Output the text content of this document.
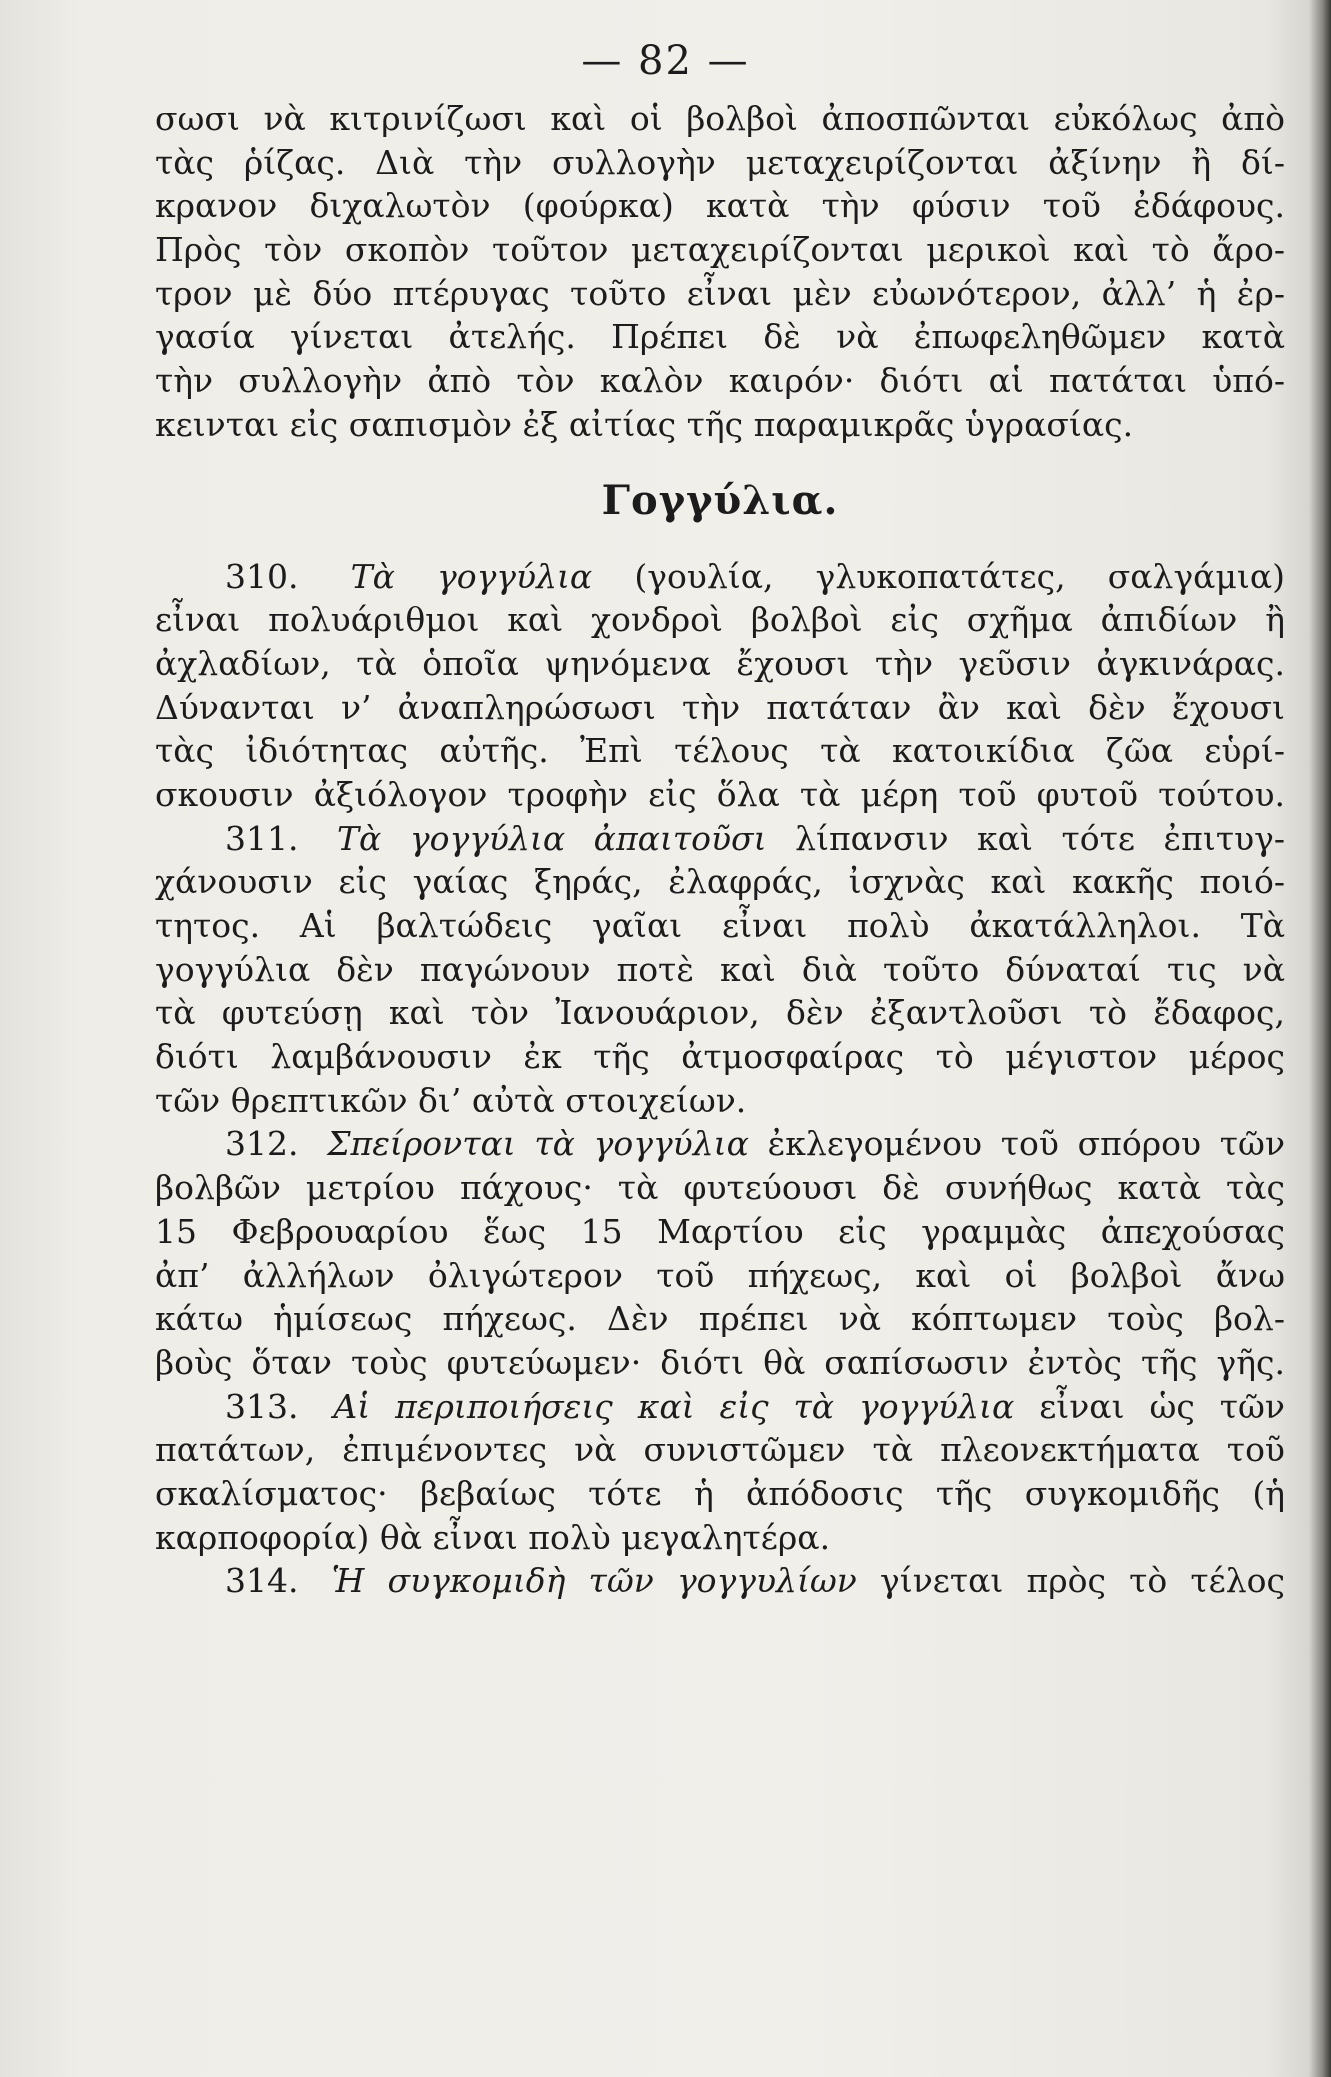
— 82 —
σωσι νὰ κιτρινίζωσι καὶ οἱ βολβοὶ ἀποσπῶνται εὐκόλως ἀπὸ
τὰς ῥίζας. Διὰ τὴν συλλογὴν μεταχειρίζονται ἀξίνην ἢ δί-
κρανον διχαλωτὸν (φούρκα) κατὰ τὴν φύσιν τοῦ ἐδάφους.
Πρὸς τὸν σκοπὸν τοῦτον μεταχειρίζονται μερικοὶ καὶ τὸ ἄρο-
τρον μὲ δύο πτέρυγας τοῦτο εἶναι μὲν εὐωνότερον, ἀλλ’ ἡ ἐρ-
γασία γίνεται ἀτελής. Πρέπει δὲ νὰ ἐπωφεληθῶμεν κατὰ
τὴν συλλογὴν ἀπὸ τὸν καλὸν καιρόν· διότι αἱ πατάται ὑπό-
κεινται εἰς σαπισμὸν ἐξ αἰτίας τῆς παραμικρᾶς ὑγρασίας.
Γογγύλια.
310. Τὰ γογγύλια (γουλία, γλυκοπατάτες, σαλγάμια)
εἶναι πολυάριθμοι καὶ χονδροὶ βολβοὶ εἰς σχῆμα ἀπιδίων ἢ
ἀχλαδίων, τὰ ὁποῖα ψηνόμενα ἔχουσι τὴν γεῦσιν ἀγκινάρας.
Δύνανται ν’ ἀναπληρώσωσι τὴν πατάταν ἂν καὶ δὲν ἔχουσι
τὰς ἰδιότητας αὐτῆς. Ἐπὶ τέλους τὰ κατοικίδια ζῶα εὑρί-
σκουσιν ἀξιόλογον τροφὴν εἰς ὅλα τὰ μέρη τοῦ φυτοῦ τούτου.
311. Τὰ γογγύλια ἀπαιτοῦσι λίπανσιν καὶ τότε ἐπιτυγ-
χάνουσιν εἰς γαίας ξηράς, ἐλαφράς, ἰσχνὰς καὶ κακῆς ποιό-
τητος. Αἱ βαλτώδεις γαῖαι εἶναι πολὺ ἀκατάλληλοι. Τὰ
γογγύλια δὲν παγώνουν ποτὲ καὶ διὰ τοῦτο δύναταί τις νὰ
τὰ φυτεύσῃ καὶ τὸν Ἰανουάριον, δὲν ἐξαντλοῦσι τὸ ἔδαφος,
διότι λαμβάνουσιν ἐκ τῆς ἀτμοσφαίρας τὸ μέγιστον μέρος
τῶν θρεπτικῶν δι’ αὐτὰ στοιχείων.
312. Σπείρονται τὰ γογγύλια ἐκλεγομένου τοῦ σπόρου τῶν
βολβῶν μετρίου πάχους· τὰ φυτεύουσι δὲ συνήθως κατὰ τὰς
15 Φεβρουαρίου ἕως 15 Μαρτίου εἰς γραμμὰς ἀπεχούσας
ἀπ’ ἀλλήλων ὀλιγώτερον τοῦ πήχεως, καὶ οἱ βολβοὶ ἄνω
κάτω ἡμίσεως πήχεως. Δὲν πρέπει νὰ κόπτωμεν τοὺς βολ-
βοὺς ὅταν τοὺς φυτεύωμεν· διότι θὰ σαπίσωσιν ἐντὸς τῆς γῆς.
313. Αἱ περιποιήσεις καὶ εἰς τὰ γογγύλια εἶναι ὡς τῶν
πατάτων, ἐπιμένοντες νὰ συνιστῶμεν τὰ πλεονεκτήματα τοῦ
σκαλίσματος· βεβαίως τότε ἡ ἀπόδοσις τῆς συγκομιδῆς (ἡ
καρποφορία) θὰ εἶναι πολὺ μεγαλητέρα.
314. Ἡ συγκομιδὴ τῶν γογγυλίων γίνεται πρὸς τὸ τέλος
